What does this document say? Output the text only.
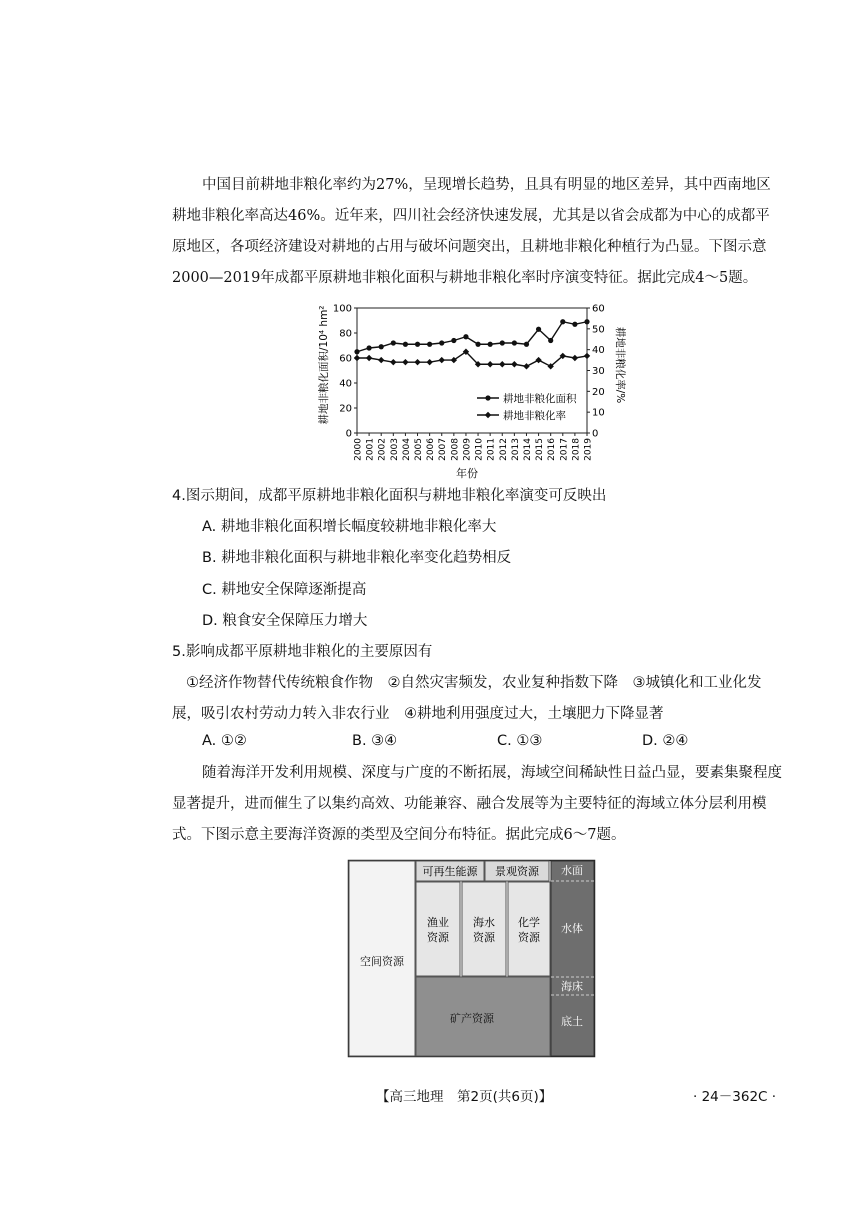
中国目前耕地非粮化率约为27%，呈现增长趋势，且具有明显的地区差异，其中西南地区
耕地非粮化率高达46%。近年来，四川社会经济快速发展，尤其是以省会成都为中心的成都平
原地区，各项经济建设对耕地的占用与破坏问题突出，且耕地非粮化种植行为凸显。下图示意
2000—2019年成都平原耕地非粮化面积与耕地非粮化率时序演变特征。据此完成4～5题。
0
20
40
60
80
100
0
10
20
30
40
50
60
2000 2001 2002 2003 2004 2005 2006 2007 2008 2009 2010 2011 2012 2013 2014 2015 2016 2017 2018 2019
耕地非粮化面积
耕地非粮化率
耕地非粮化面积/10⁴ hm²	耕地非粮化率/%
年份
4.图示期间，成都平原耕地非粮化面积与耕地非粮化率演变可反映出
A. 耕地非粮化面积增长幅度较耕地非粮化率大
B. 耕地非粮化面积与耕地非粮化率变化趋势相反
C. 耕地安全保障逐渐提高
D. 粮食安全保障压力增大
5.影响成都平原耕地非粮化的主要原因有
①经济作物替代传统粮食作物　②自然灾害频发，农业复种指数下降　③城镇化和工业化发
展，吸引农村劳动力转入非农行业　④耕地利用强度过大，土壤肥力下降显著
A. ①②	B. ③④	C. ①③	D. ②④
随着海洋开发利用规模、深度与广度的不断拓展，海域空间稀缺性日益凸显，要素集聚程度
显著提升，进而催生了以集约高效、功能兼容、融合发展等为主要特征的海域立体分层利用模
式。下图示意主要海洋资源的类型及空间分布特征。据此完成6～7题。
空间资源
可再生能源 景观资源
渔业
资源
海水
资源
化学
资源
矿产资源
水面
水体
海床
底土
【高三地理　第2页(共6页)】	· 24－362C ·
